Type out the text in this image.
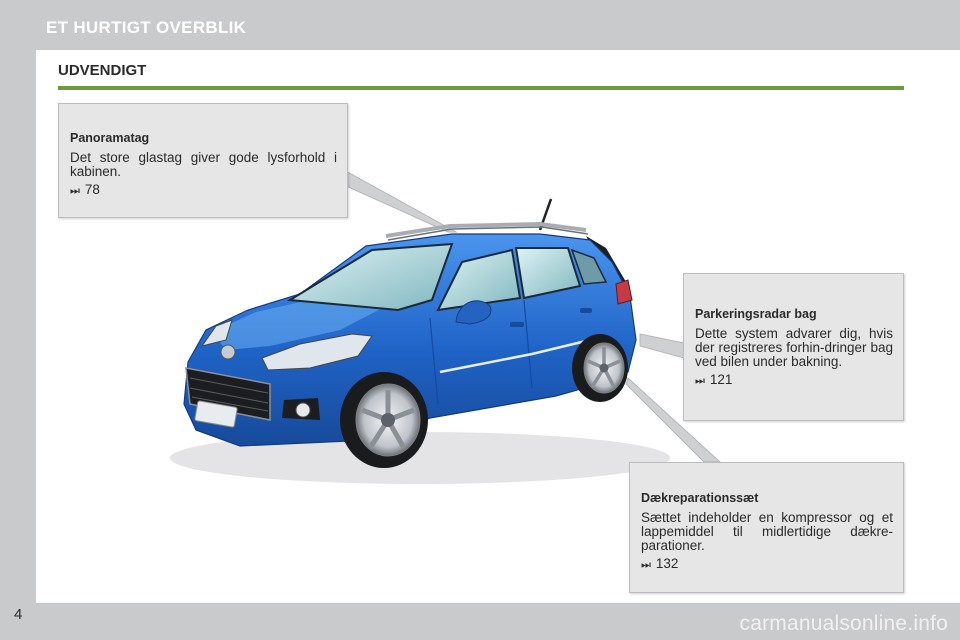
ET HURTIGT OVERBLIK
UDVENDIGT
Panoramatag
Det store glastag giver gode lysforhold i kabinen.
⏭ 78
Parkeringsradar bag
Dette system advarer dig, hvis der registreres forhin-dringer bag ved bilen under bakning.
⏭ 121
Dækreparationssæt
Sættet indeholder en kompressor og et lappemiddel til midlertidige dækre-parationer.
⏭ 132
4	carmanualsonline.info
